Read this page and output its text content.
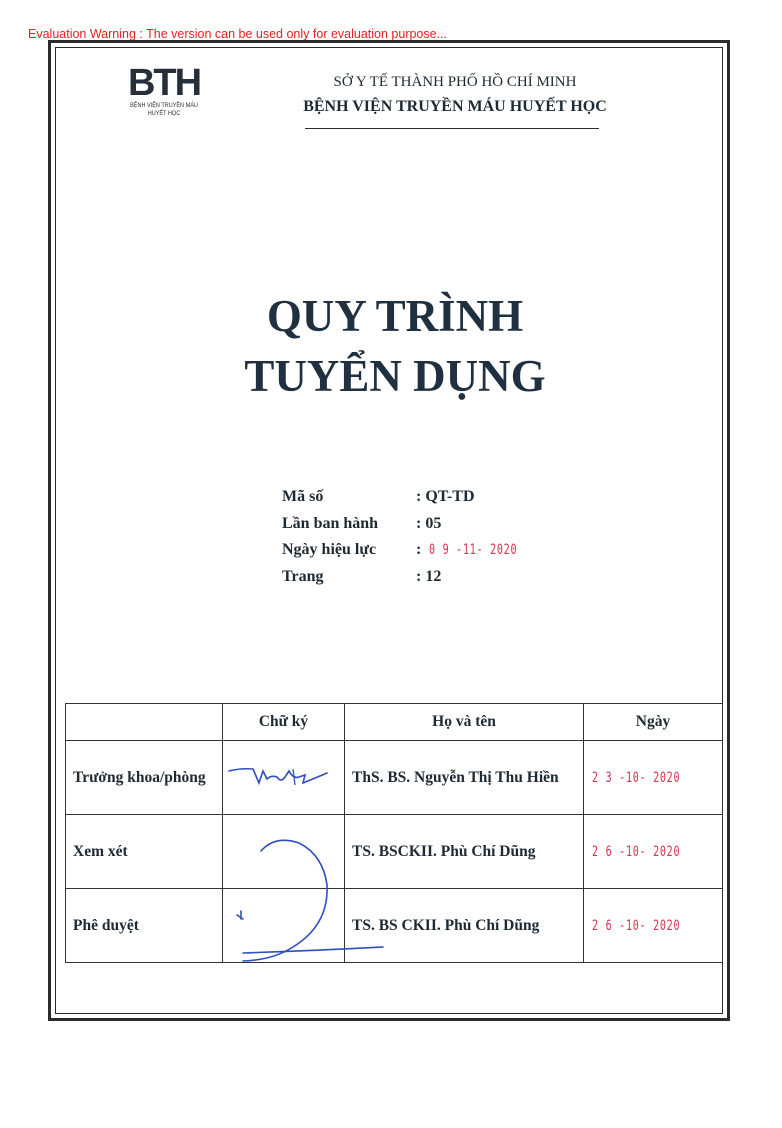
Evaluation Warning : The version can be used only for evaluation purpose...
BTH
BỆNH VIỆN TRUYỀN MÁU
HUYẾT HỌC
SỞ Y TẾ THÀNH PHỐ HỒ CHÍ MINH
BỆNH VIỆN TRUYỀN MÁU HUYẾT HỌC
QUY TRÌNH
TUYỂN DỤNG
Mã số	: QT-TD
Lần ban hành : 05
Ngày hiệu lực : 0 9 -11- 2020
Trang	: 12
	Chữ ký	Họ và tên	Ngày
Trưởng khoa/phòng		ThS. BS. Nguyễn Thị Thu Hiền	2 3 -10- 2020
Xem xét		TS. BSCKII. Phù Chí Dũng	2 6 -10- 2020
Phê duyệt		TS. BS CKII. Phù Chí Dũng	2 6 -10- 2020
